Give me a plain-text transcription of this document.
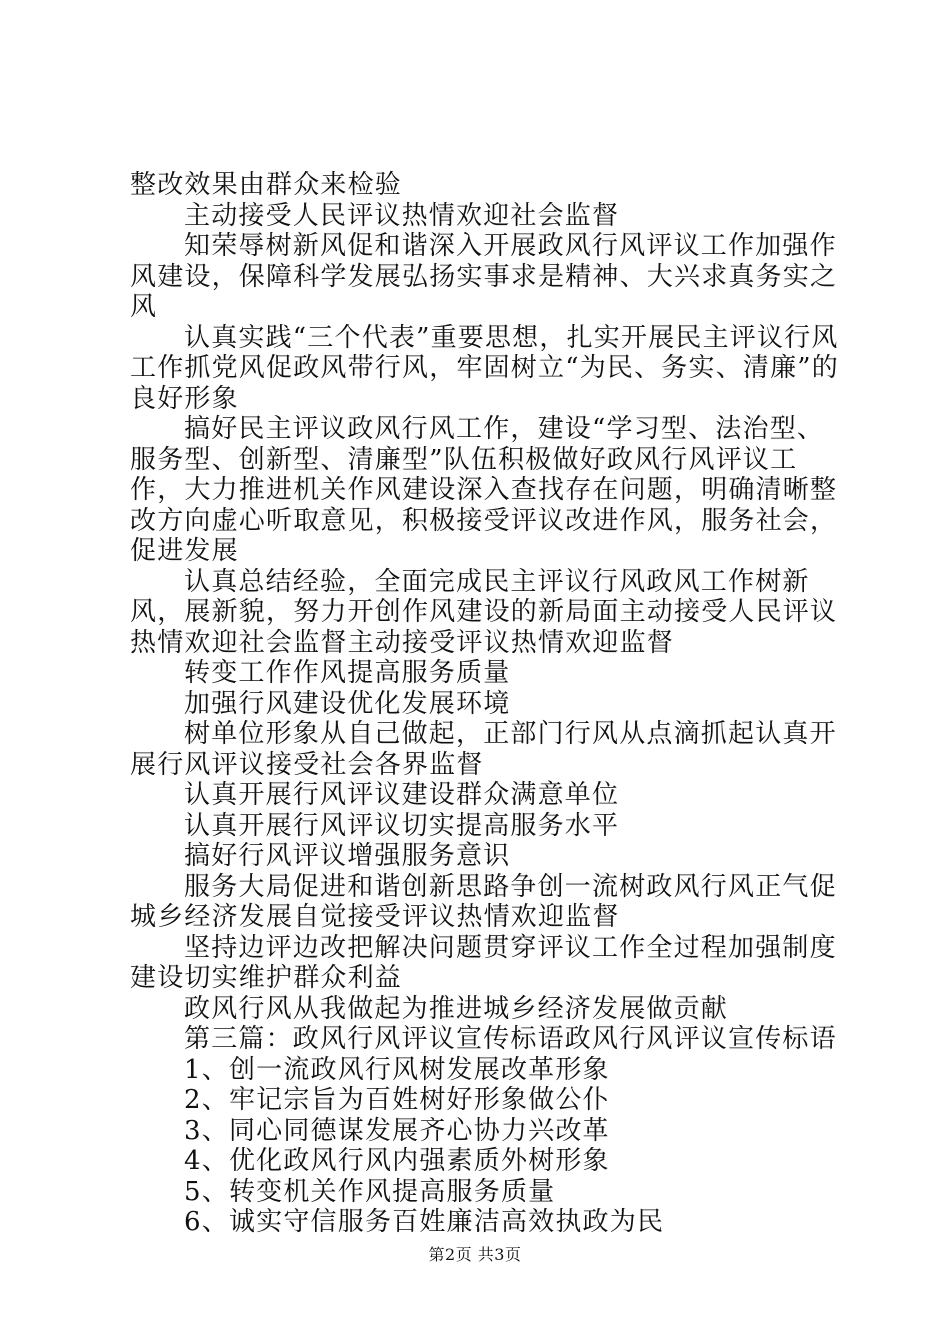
整改效果由群众来检验

主动接受人民评议热情欢迎社会监督

知荣辱树新风促和谐深入开展政风行风评议工作加强作风建设，保障科学发展弘扬实事求是精神、大兴求真务实之风

认真实践“三个代表”重要思想，扎实开展民主评议行风工作抓党风促政风带行风，牢固树立“为民、务实、清廉”的良好形象

搞好民主评议政风行风工作，建设“学习型、法治型、服务型、创新型、清廉型”队伍积极做好政风行风评议工作，大力推进机关作风建设深入查找存在问题，明确清晰整改方向虚心听取意见，积极接受评议改进作风，服务社会，促进发展

认真总结经验，全面完成民主评议行风政风工作树新风，展新貌，努力开创作风建设的新局面主动接受人民评议热情欢迎社会监督主动接受评议热情欢迎监督

转变工作作风提高服务质量

加强行风建设优化发展环境

树单位形象从自己做起，正部门行风从点滴抓起认真开展行风评议接受社会各界监督

认真开展行风评议建设群众满意单位

认真开展行风评议切实提高服务水平

搞好行风评议增强服务意识

服务大局促进和谐创新思路争创一流树政风行风正气促城乡经济发展自觉接受评议热情欢迎监督

坚持边评边改把解决问题贯穿评议工作全过程加强制度建设切实维护群众利益

政风行风从我做起为推进城乡经济发展做贡献

第三篇：政风行风评议宣传标语政风行风评议宣传标语

1、创一流政风行风树发展改革形象

2、牢记宗旨为百姓树好形象做公仆

3、同心同德谋发展齐心协力兴改革

4、优化政风行风内强素质外树形象

5、转变机关作风提高服务质量

6、诚实守信服务百姓廉洁高效执政为民

第2页 共3页
